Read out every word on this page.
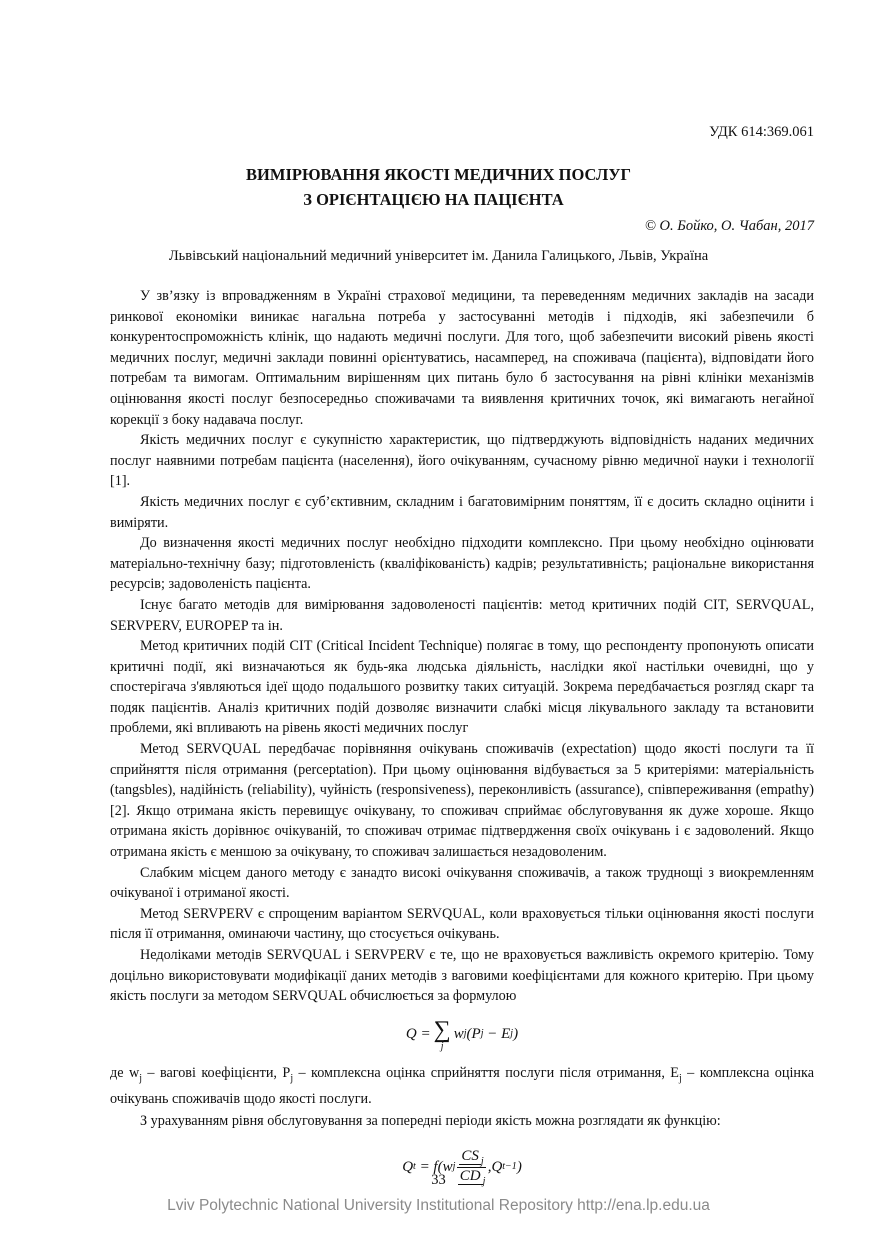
УДК 614:369.061
ВИМІРЮВАННЯ ЯКОСТІ МЕДИЧНИХ ПОСЛУГ
З ОРІЄНТАЦІЄЮ НА ПАЦІЄНТА
© О. Бойко, О. Чабан, 2017
Львівський національний медичний університет ім. Данила Галицького, Львів, Україна

У зв’язку із впровадженням в Україні страхової медицини, та переведенням медичних закладів на засади ринкової економіки виникає нагальна потреба у застосуванні методів і підходів, які забезпечили б конкурентоспроможність клінік, що надають медичні послуги. Для того, щоб забезпечити високий рівень якості медичних послуг, медичні заклади повинні орієнтуватись, насамперед, на споживача (пацієнта), відповідати його потребам та вимогам. Оптимальним вирішенням цих питань було б застосування на рівні клініки механізмів оцінювання якості послуг безпосередньо споживачами та виявлення критичних точок, які вимагають негайної корекції з боку надавача послуг.

Якість медичних послуг є сукупністю характеристик, що підтверджують відповідність наданих медичних послуг наявними потребам пацієнта (населення), його очікуванням, сучасному рівню медичної науки і технології [1].

Якість медичних послуг є суб’єктивним, складним і багатовимірним поняттям, її є досить складно оцінити і виміряти.

До визначення якості медичних послуг необхідно підходити комплексно. При цьому необхідно оцінювати матеріально-технічну базу; підготовленість (кваліфікованість) кадрів; результативність; раціональне використання ресурсів; задоволеність пацієнта.

Існує багато методів для вимірювання задоволеності пацієнтів: метод критичних подій CIT, SERVQUAL, SERVPERV, EUROPEP та ін.

Метод критичних подій CIT (Critical Incident Technique) полягає в тому, що респонденту пропонують описати критичні події, які визначаються як будь-яка людська діяльність, наслідки якої настільки очевидні, що у спостерігача з'являються ідеї щодо подальшого розвитку таких ситуацій. Зокрема передбачається розгляд скарг та подяк пацієнтів. Аналіз критичних подій дозволяє визначити слабкі місця лікувального закладу та встановити проблеми, які впливають на рівень якості медичних послуг

Метод SERVQUAL передбачає порівняння очікувань споживачів (expectation) щодо якості послуги та її сприйняття після отримання (perceptation). При цьому оцінювання відбувається за 5 критеріями: матеріальність (tangsbles), надійність (reliability), чуйність (responsiveness), переконливість (assurance), співпереживання (empathy) [2]. Якщо отримана якість перевищує очікувану, то споживач сприймає обслуговування як дуже хороше. Якщо отримана якість дорівнює очікуваній, то споживач отримає підтвердження своїх очікувань і є задоволений. Якщо отримана якість є меншою за очікувану, то споживач залишається незадоволеним.

Слабким місцем даного методу є занадто високі очікування споживачів, а також труднощі з виокремленням очікуваної і отриманої якості.

Метод SERVPERV є спрощеним варіантом SERVQUAL, коли враховується тільки оцінювання якості послуги після її отримання, оминаючи частину, що стосується очікувань.

Недоліками методів SERVQUAL і SERVPERV є те, що не враховується важливість окремого критерію. Тому доцільно використовувати модифікації даних методів з ваговими коефіцієнтами для кожного критерію. При цьому якість послуги за методом SERVQUAL обчислюється за формулою

Q = ∑
j
w j (P j − E j )

де $w_j$ – вагові коефіцієнти, $P_j$ – комплексна оцінка сприйняття послуги після отримання, $E_j$ – комплексна оцінка очікувань споживачів щодо якості послуги.

З урахуванням рівня обслуговування за попередні періоди якість можна розглядати як функцію:

Q t = f(w j $\frac{CS _j}{CD _j} ,Q$ t−1 )
33
Lviv Polytechnic National University Institutional Repository http://ena.lp.edu.ua
